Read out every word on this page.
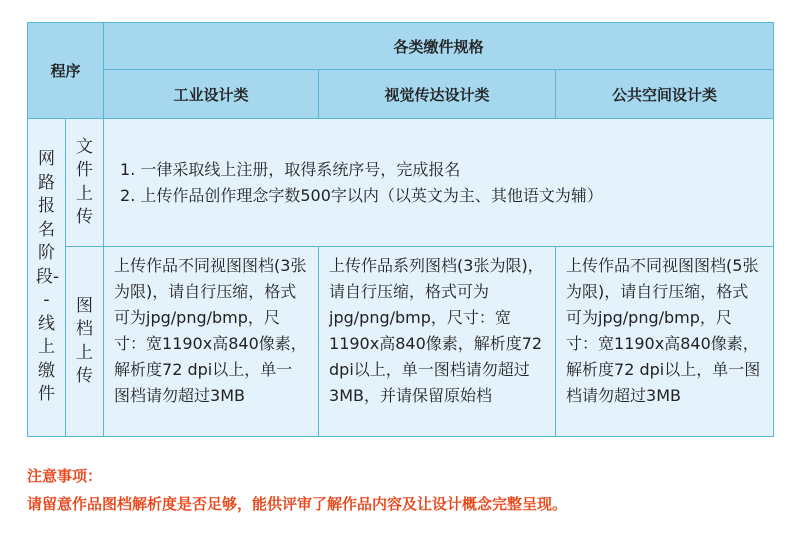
程序		各类缴件规格		
		工业设计类	视觉传达设计类	公共空间设计类
网路报名阶段--线上缴件	文件上传	1. 一律采取线上注册，取得系统序号，完成报名
2. 上传作品创作理念字数500字以内（以英文为主、其他语文为辅）		

	图档上传	上传作品不同视图图档(3张为限)，请自行压缩，格式可为jpg/png/bmp，尺寸：宽1190x高840像素，解析度72 dpi以上，单一图档请勿超过3MB	上传作品系列图档(3张为限)，请自行压缩，格式可为jpg/png/bmp，尺寸：宽1190x高840像素，解析度72 dpi以上，单一图档请勿超过3MB，并请保留原始档	上传作品不同视图图档(5张为限)，请自行压缩，格式可为jpg/png/bmp，尺寸：宽1190x高840像素，解析度72 dpi以上，单一图档请勿超过3MB
注意事项：
请留意作品图档解析度是否足够，能供评审了解作品内容及让设计概念完整呈现。
